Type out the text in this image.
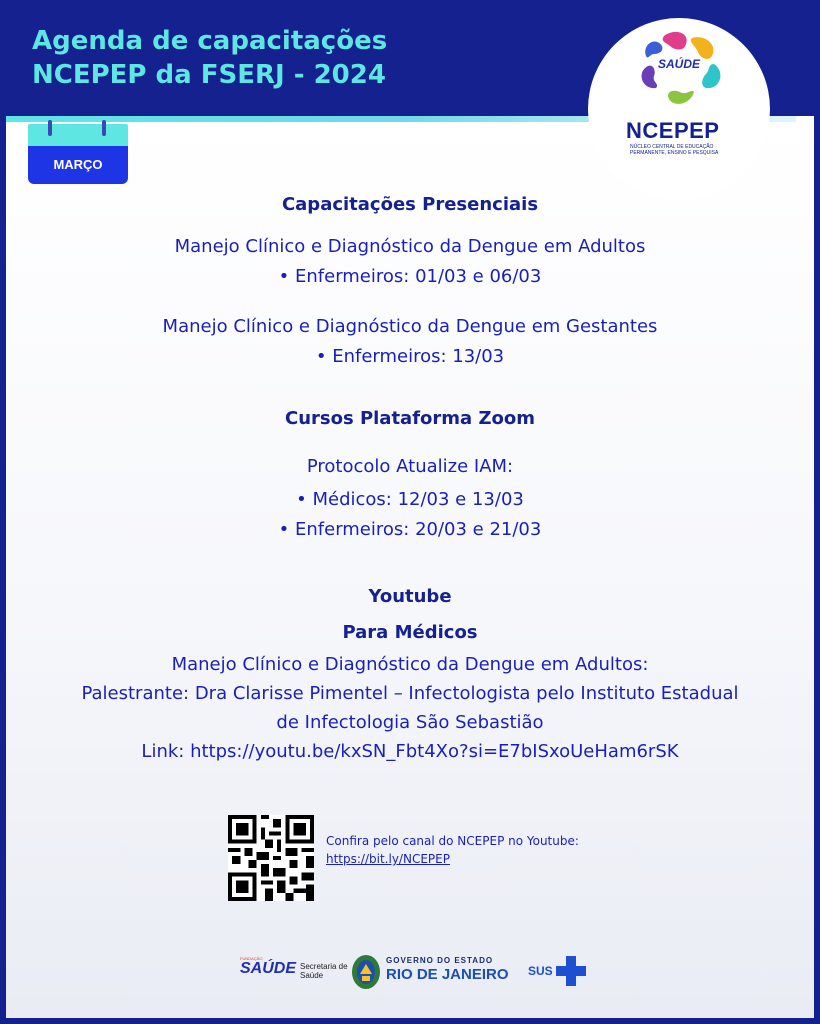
Agenda de capacitações
NCEPEP da FSERJ - 2024	SAÚDE
NCEPEP
NÚCLEO CENTRAL DE EDUCAÇÃO PERMANENTE, ENSINO E PESQUISA
MARÇO
Capacitações Presenciais
Manejo Clínico e Diagnóstico da Dengue em Adultos
• Enfermeiros: 01/03 e 06/03
Manejo Clínico e Diagnóstico da Dengue em Gestantes
• Enfermeiros: 13/03
Cursos Plataforma Zoom
Protocolo Atualize IAM:
• Médicos: 12/03 e 13/03
• Enfermeiros: 20/03 e 21/03
Youtube
Para Médicos
Manejo Clínico e Diagnóstico da Dengue em Adultos:
Palestrante: Dra Clarisse Pimentel – Infectologista pelo Instituto Estadual
de Infectologia São Sebastião
Link: https://youtu.be/kxSN_Fbt4Xo?si=E7bISxoUeHam6rSK
Confira pelo canal do NCEPEP no Youtube:
https://bit.ly/NCEPEP
FUNDAÇÃO
SAÚDE Secretaria de
Saúde
GOVERNO DO ESTADO
RIO DE JANEIRO SUS
